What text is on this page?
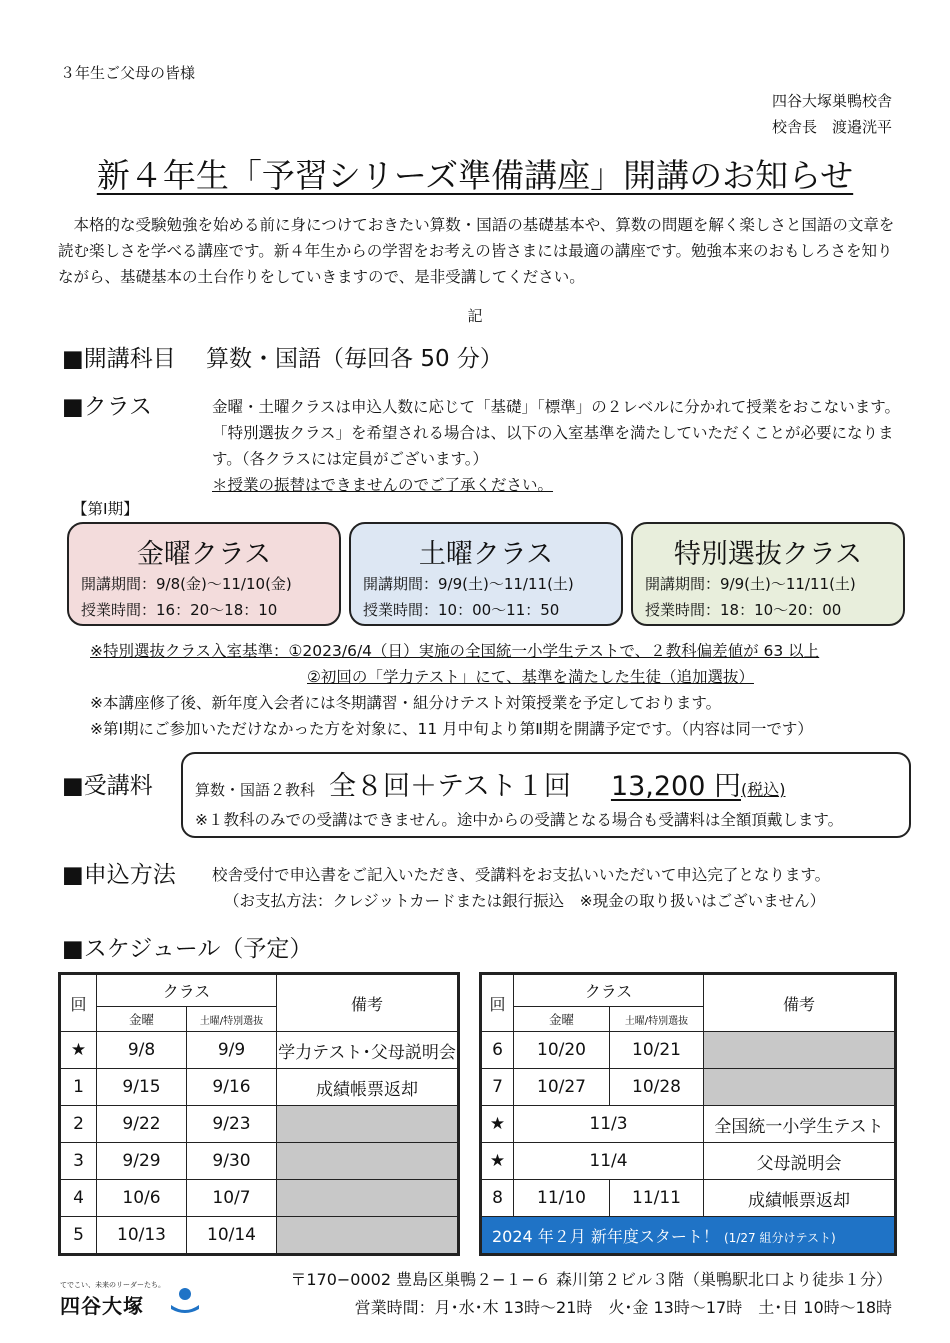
３年生ご父母の皆様
四谷大塚巣鴨校舎
校舎長　渡邉洸平
新４年生「予習シリーズ準備講座」開講のお知らせ
本格的な受験勉強を始める前に身につけておきたい算数・国語の基礎基本や、算数の問題を解く楽しさと国語の文章を読む楽しさを学べる講座です。新４年生からの学習をお考えの皆さまには最適の講座です。勉強本来のおもしろさを知りながら、基礎基本の土台作りをしていきますので、是非受講してください。
記
■開講科目　 算数・国語（毎回各 50 分）
■クラス	金曜・土曜クラスは申込人数に応じて「基礎」「標準」の２レベルに分かれて授業をおこないます。「特別選抜クラス」を希望される場合は、以下の入室基準を満たしていただくことが必要になります。（各クラスには定員がございます。）
＊授業の振替はできませんのでご了承ください。
【第Ⅰ期】
金曜クラス
開講期間：9/8(金)～11/10(金)
授業時間：16：20～18：10
土曜クラス
開講期間：9/9(土)～11/11(土)
授業時間：10：00～11：50
特別選抜クラス
開講期間：9/9(土)～11/11(土)
授業時間：18：10～20：00
※特別選抜クラス入室基準：①2023/6/4（日）実施の全国統一小学生テストで、２教科偏差値が 63 以上
②初回の「学力テスト」にて、基準を満たした生徒（追加選抜）
※本講座修了後、新年度入会者には冬期講習・組分けテスト対策授業を予定しております。
※第Ⅰ期にご参加いただけなかった方を対象に、11 月中旬より第Ⅱ期を開講予定です。（内容は同一です）
■受講料	算数・国語２教科 全８回＋テスト１回 13,200 円(税込)
※１教科のみでの受講はできません。途中からの受講となる場合も受講料は全額頂戴します。
■申込方法 校舎受付で申込書をご記入いただき、受講料をお支払いいただいて申込完了となります。
（お支払方法：クレジットカードまたは銀行振込　※現金の取り扱いはございません）
■スケジュール（予定）
回	クラス		備考
	金曜	土曜/特別選抜	
★	9/8	9/9	学力テスト･父母説明会
1	9/15	9/16	成績帳票返却
2	9/22	9/23	
3	9/29	9/30	
4	10/6	10/7	
5	10/13	10/14	
回	クラス		備考
	金曜	土曜/特別選抜	
6	10/20	10/21	
7	10/27	10/28	
★	11/3		全国統一小学生テスト
★	11/4		父母説明会
8	11/10	11/11	成績帳票返却
2024 年２月 新年度スタート！ (1/27 組分けテスト)			
てでこい、未来のリーダーたち。
四谷大塚
〒170−0002 豊島区巣鴨２−１−６ 森川第２ビル３階（巣鴨駅北口より徒歩１分）
営業時間：月･水･木 13時～21時　火･金 13時～17時　土･日 10時～18時
